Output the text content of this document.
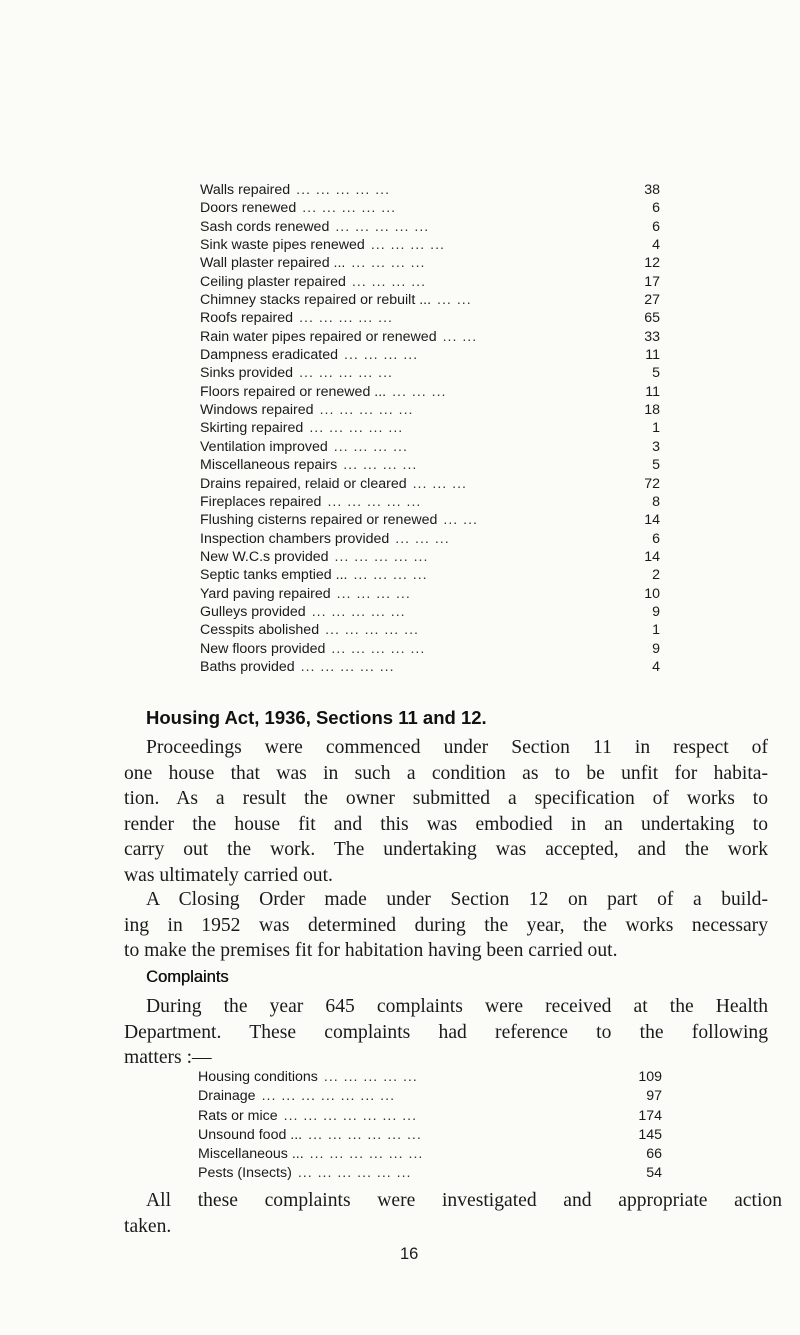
Walls repaired ... ... ... ... ...	38
Doors renewed ... ... ... ... ...	6
Sash cords renewed ... ... ... ... ...	6
Sink waste pipes renewed ... ... ... ...	4
Wall plaster repaired ... ... ... ... ...	12
Ceiling plaster repaired ... ... ... ...	17
Chimney stacks repaired or rebuilt ... ... ...	27
Roofs repaired ... ... ... ... ...	65
Rain water pipes repaired or renewed ... ...	33
Dampness eradicated ... ... ... ...	11
Sinks provided ... ... ... ... ...	5
Floors repaired or renewed ... ... ... ...	11
Windows repaired ... ... ... ... ...	18
Skirting repaired ... ... ... ... ...	1
Ventilation improved ... ... ... ...	3
Miscellaneous repairs ... ... ... ...	5
Drains repaired, relaid or cleared ... ... ...	72
Fireplaces repaired ... ... ... ... ...	8
Flushing cisterns repaired or renewed ... ...	14
Inspection chambers provided ... ... ...	6
New W.C.s provided ... ... ... ... ...	14
Septic tanks emptied ... ... ... ... ...	2
Yard paving repaired ... ... ... ...	10
Gulleys provided ... ... ... ... ...	9
Cesspits abolished ... ... ... ... ...	1
New floors provided ... ... ... ... ...	9
Baths provided ... ... ... ... ...	4
Housing Act, 1936, Sections 11 and 12.

Proceedings were commenced under Section 11 in respect of
one house that was in such a condition as to be unfit for habita-
tion. As a result the owner submitted a specification of works to
render the house fit and this was embodied in an undertaking to
carry out the work. The undertaking was accepted, and the work
was ultimately carried out.

A Closing Order made under Section 12 on part of a build-
ing in 1952 was determined during the year, the works necessary
to make the premises fit for habitation having been carried out.

Complaints

During the year 645 complaints were received at the Health
Department. These complaints had reference to the following
matters :—

Housing conditions ... ... ... ... ...	109
Drainage ... ... ... ... ... ... ...	97
Rats or mice ... ... ... ... ... ... ...	174
Unsound food ... ... ... ... ... ... ...	145
Miscellaneous ... ... ... ... ... ... ...	66
Pests (Insects) ... ... ... ... ... ...	54

All these complaints were investigated and appropriate action
taken.

16
